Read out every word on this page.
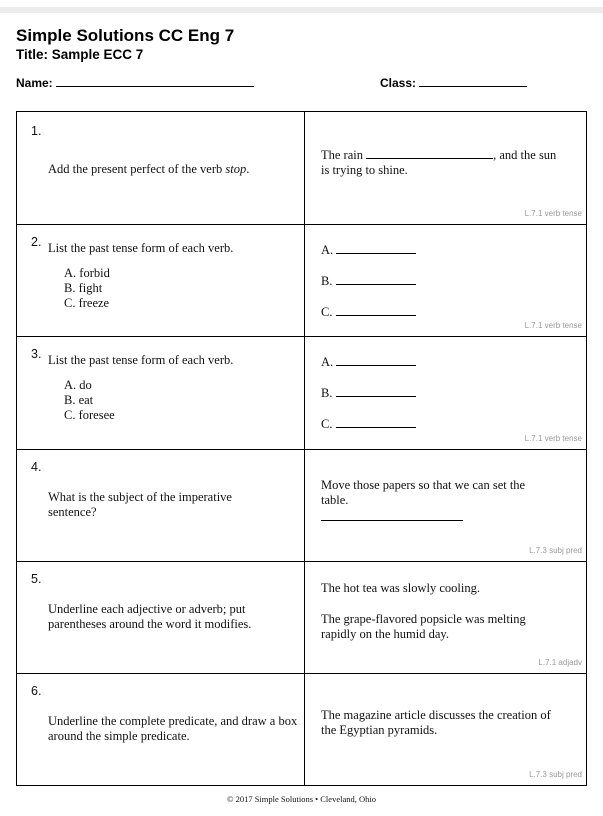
Simple Solutions CC Eng 7
Title: Sample ECC 7
Name:	Class:
1.
Add the present perfect of the verb stop.
The rain	, and the sun
is trying to shine.
L.7.1 verb tense
2. List the past tense form of each verb.
A. forbid
B. fight
C. freeze
A.
B.
C.
L.7.1 verb tense
3. List the past tense form of each verb.
A. do
B. eat
C. foresee
A.
B.
C.
L.7.1 verb tense
4.
What is the subject of the imperative sentence?
Move those papers so that we can set the table.
L.7.3 subj pred
5.
Underline each adjective or adverb; put parentheses around the word it modifies.
The hot tea was slowly cooling.
The grape-flavored popsicle was melting rapidly on the humid day.
L.7.1 adjadv
6.
Underline the complete predicate, and draw a box around the simple predicate.
The magazine article discusses the creation of the Egyptian pyramids.
L.7.3 subj pred
© 2017 Simple Solutions • Cleveland, Ohio
